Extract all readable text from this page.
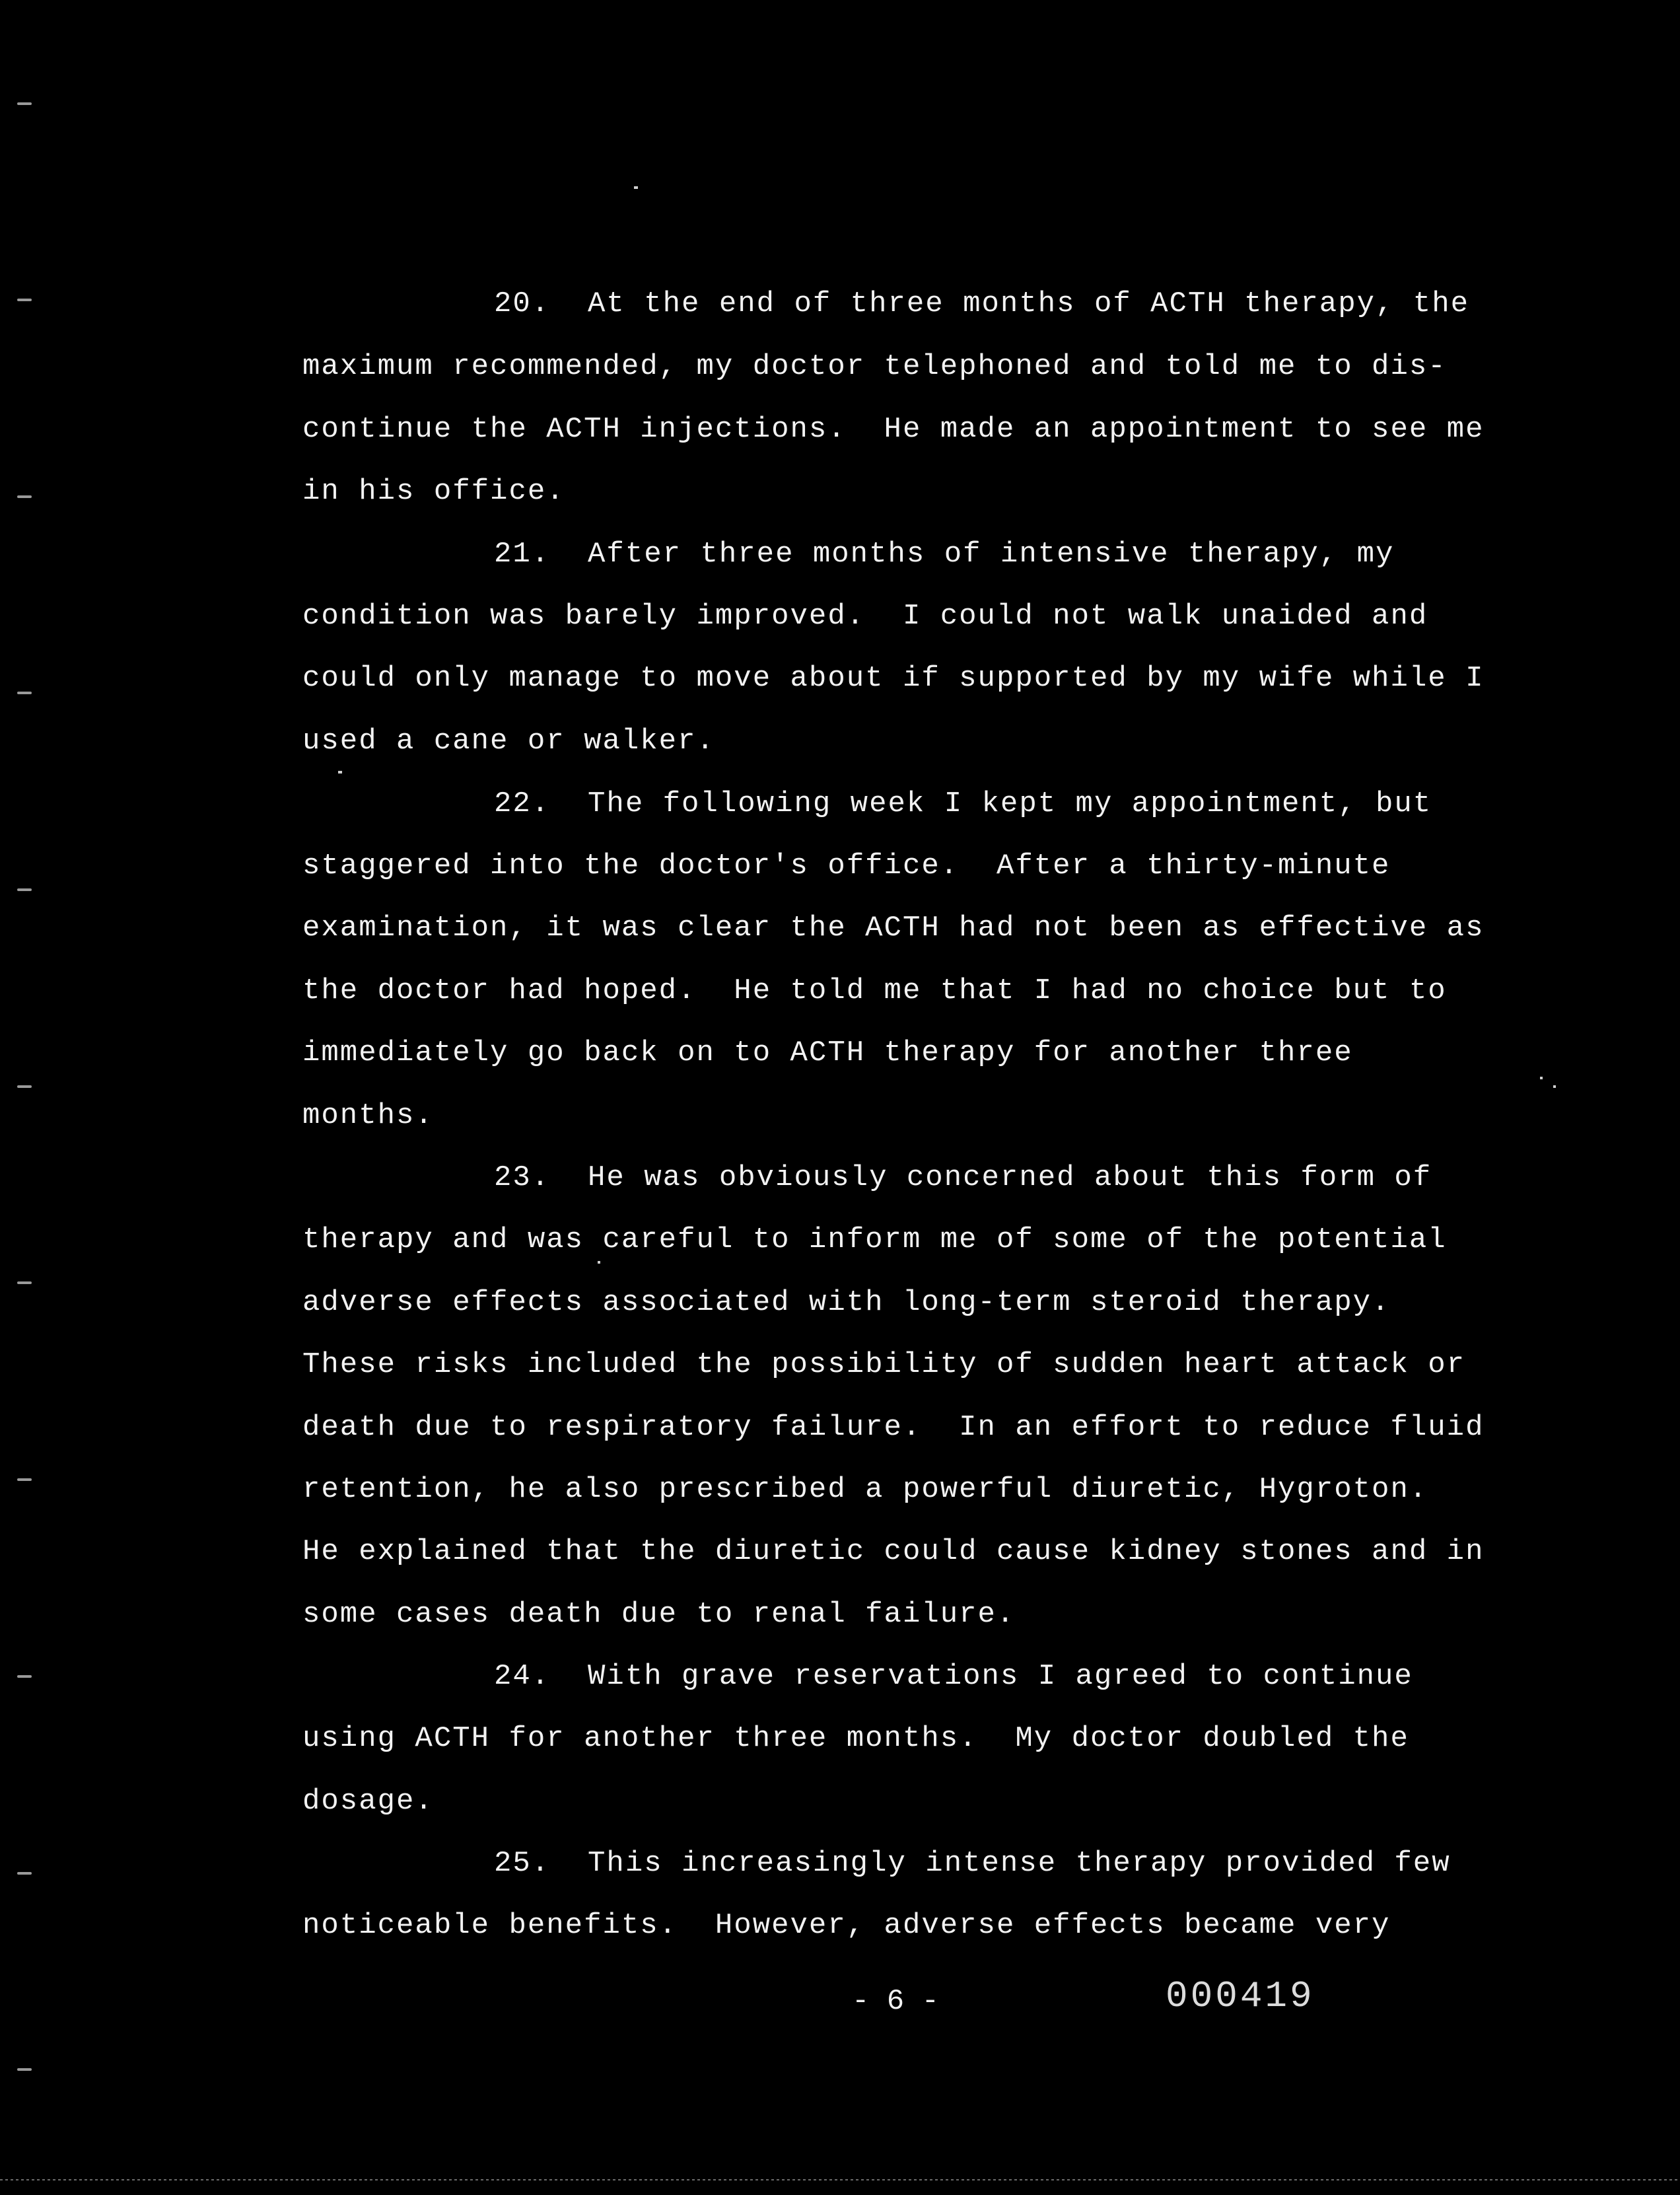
20.  At the end of three months of ACTH therapy, the
maximum recommended, my doctor telephoned and told me to dis-
continue the ACTH injections.  He made an appointment to see me
in his office.
21.  After three months of intensive therapy, my
condition was barely improved.  I could not walk unaided and
could only manage to move about if supported by my wife while I
used a cane or walker.
22.  The following week I kept my appointment, but
staggered into the doctor's office.  After a thirty-minute
examination, it was clear the ACTH had not been as effective as
the doctor had hoped.  He told me that I had no choice but to
immediately go back on to ACTH therapy for another three
months.
23.  He was obviously concerned about this form of
therapy and was careful to inform me of some of the potential
adverse effects associated with long-term steroid therapy.
These risks included the possibility of sudden heart attack or
death due to respiratory failure.  In an effort to reduce fluid
retention, he also prescribed a powerful diuretic, Hygroton.
He explained that the diuretic could cause kidney stones and in
some cases death due to renal failure.
24.  With grave reservations I agreed to continue
using ACTH for another three months.  My doctor doubled the
dosage.
25.  This increasingly intense therapy provided few
noticeable benefits.  However, adverse effects became very
- 6 -	000419
